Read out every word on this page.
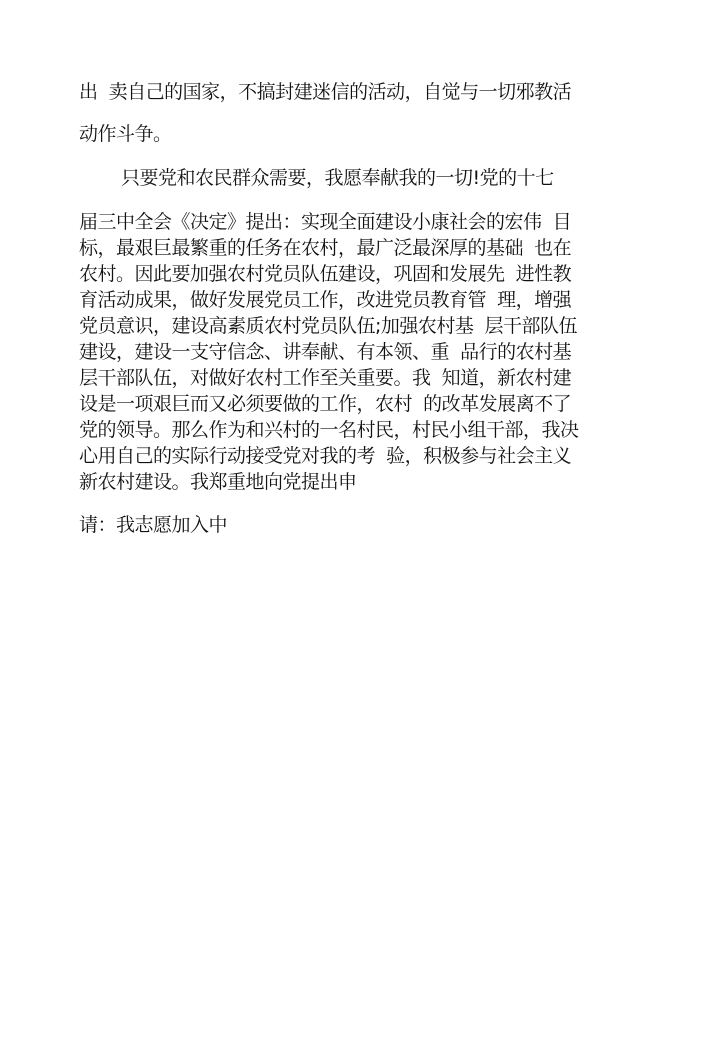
出  卖自己的国家，不搞封建迷信的活动，自觉与一切邪教活
动作斗争。
只要党和农民群众需要，我愿奉献我的一切!党的十七
届三中全会《决定》提出：实现全面建设小康社会的宏伟  目
标，最艰巨最繁重的任务在农村，最广泛最深厚的基础  也在
农村。因此要加强农村党员队伍建设，巩固和发展先  进性教
育活动成果，做好发展党员工作，改进党员教育管  理，增强
党员意识，建设高素质农村党员队伍;加强农村基  层干部队伍
建设，建设一支守信念、讲奉献、有本领、重  品行的农村基
层干部队伍，对做好农村工作至关重要。我  知道，新农村建
设是一项艰巨而又必须要做的工作，农村  的改革发展离不了
党的领导。那么作为和兴村的一名村民，村民小组干部，我决
心用自己的实际行动接受党对我的考  验，积极参与社会主义
新农村建设。我郑重地向党提出申
请：我志愿加入中
